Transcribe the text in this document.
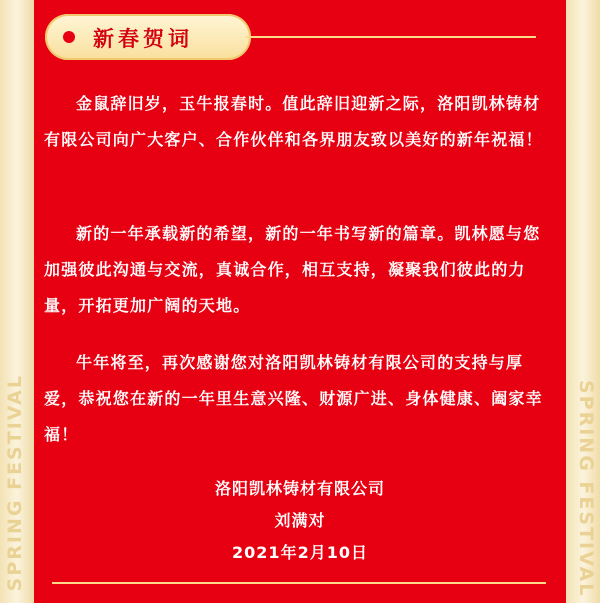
SPRING FESTIVAL	SPRING FESTIVAL
新春贺词

金鼠辞旧岁，玉牛报春时。值此辞旧迎新之际，洛阳凯林铸材有限公司向广大客户、合作伙伴和各界朋友致以美好的新年祝福！

新的一年承载新的希望，新的一年书写新的篇章。凯林愿与您加强彼此沟通与交流，真诚合作，相互支持，凝聚我们彼此的力量，开拓更加广阔的天地。

牛年将至，再次感谢您对洛阳凯林铸材有限公司的支持与厚爱，恭祝您在新的一年里生意兴隆、财源广进、身体健康、阖家幸福！

洛阳凯林铸材有限公司
刘满对
2021年2月10日
